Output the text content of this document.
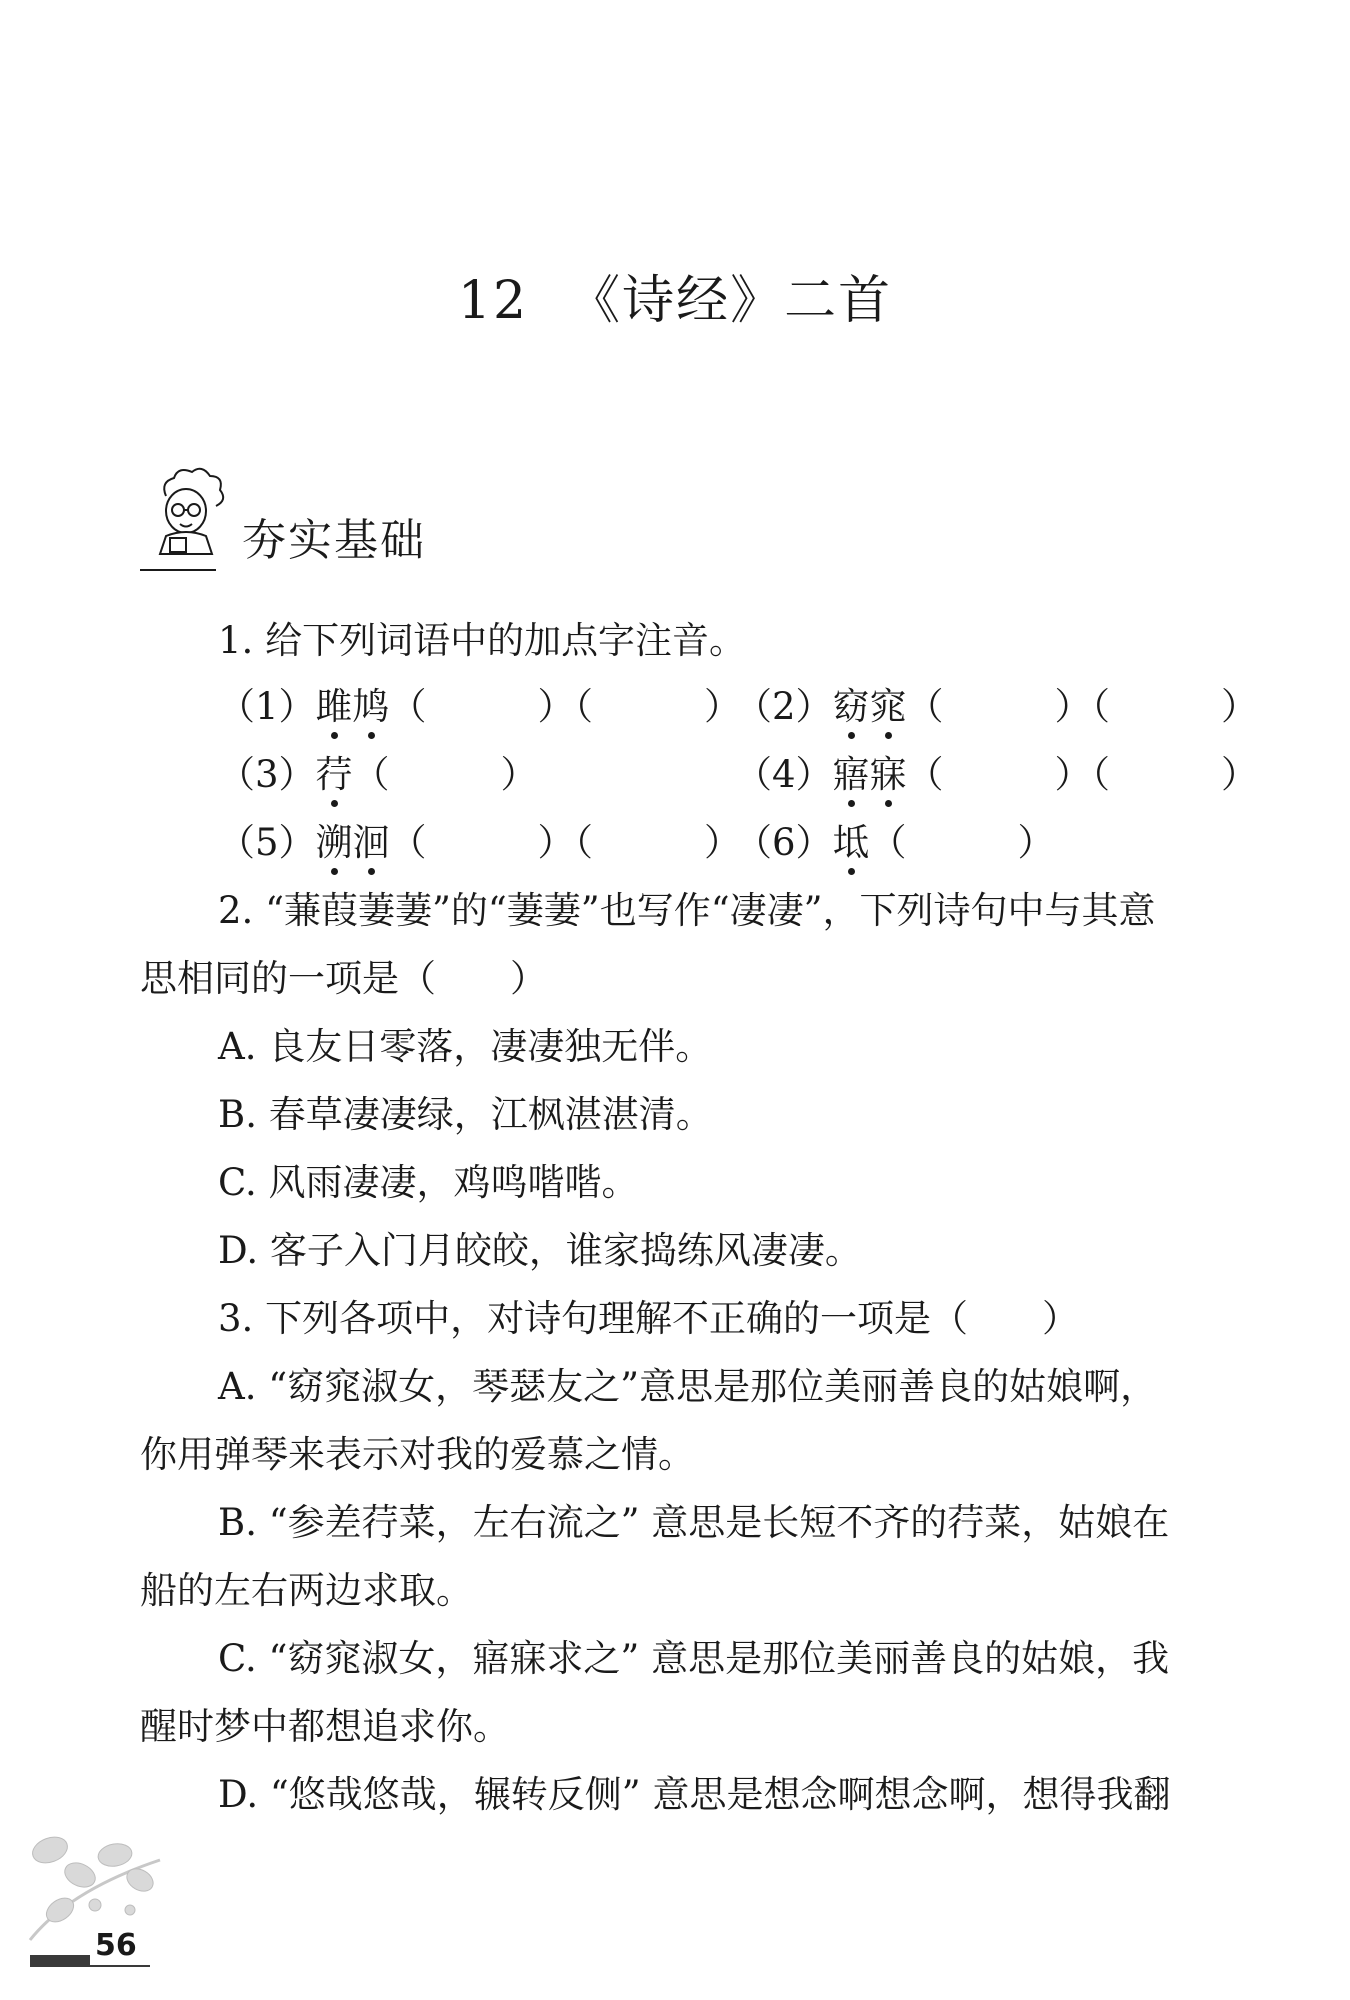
12 《诗经》二首
夯实基础
1. 给下列词语中的加点字注音。
（1）雎鸠（　　　）（　　　）
（2）窈窕（　　　）（　　　）
（3）荇（　　　）	（4）寤寐（　　　）（　　　）
（5）溯洄（　　　）（　　　）
（6）坻（　　　）
2. “蒹葭萋萋”的“萋萋”也写作“凄凄”，下列诗句中与其意
思相同的一项是（　　）
A. 良友日零落，凄凄独无伴。
B. 春草凄凄绿，江枫湛湛清。
C. 风雨凄凄，鸡鸣喈喈。
D. 客子入门月皎皎，谁家捣练风凄凄。
3. 下列各项中，对诗句理解不正确的一项是（　　）
A. “窈窕淑女，琴瑟友之”意思是那位美丽善良的姑娘啊，
你用弹琴来表示对我的爱慕之情。
B. “参差荇菜，左右流之” 意思是长短不齐的荇菜，姑娘在
船的左右两边求取。
C. “窈窕淑女，寤寐求之” 意思是那位美丽善良的姑娘，我
醒时梦中都想追求你。
D. “悠哉悠哉，辗转反侧” 意思是想念啊想念啊，想得我翻
56
